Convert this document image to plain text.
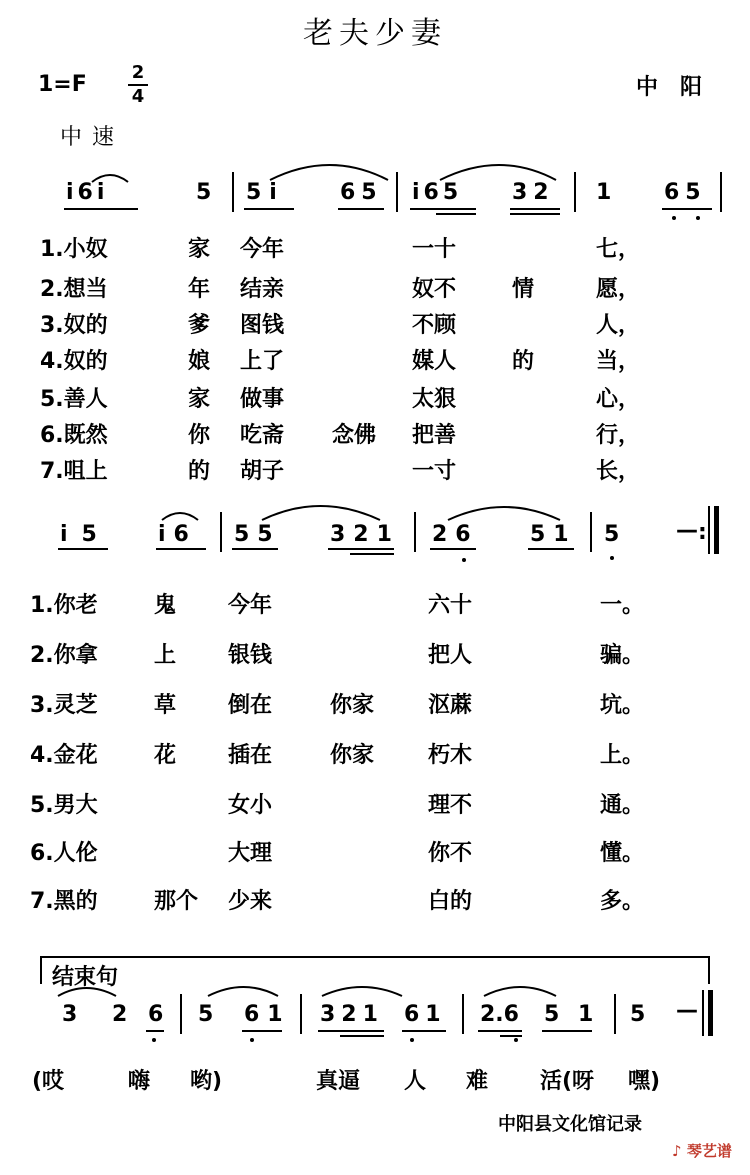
老夫少妻
1=F 2
4	中阳
中速
i6i	5 5i	65 i65 32 1 65
1.小奴	家 今年	一十	七，
2.想当	年 结亲	奴不	情	愿，
3.奴的	爹 图钱	不顾	人，
4.奴的	娘 上了	媒人	的	当，
5.善人	家 做事	太狠	心，
6.既然	你 吃斋 念佛 把善	行，
7.咀上	的 胡子	一寸	长，
i5 i6 55 321 26 51 5	— :
1.你老	鬼 今年	六十	一。
2.你拿	上 银钱	把人	骗。
3.灵芝	草 倒在	你家 沤蔴	坑。
4.金花	花 插在	你家 朽木	上。
5.男大	女小	理不	通。
6.人伦	大理	你不	懂。
7.黑的	那个 少来	白的	多。
结束句
3 2 6 5 61 321 61 2.6 5 1 5 —
(哎	嗨 哟)	真逼 人 难 活(呀 嘿)
中阳县文化馆记录
♪ 琴艺谱
